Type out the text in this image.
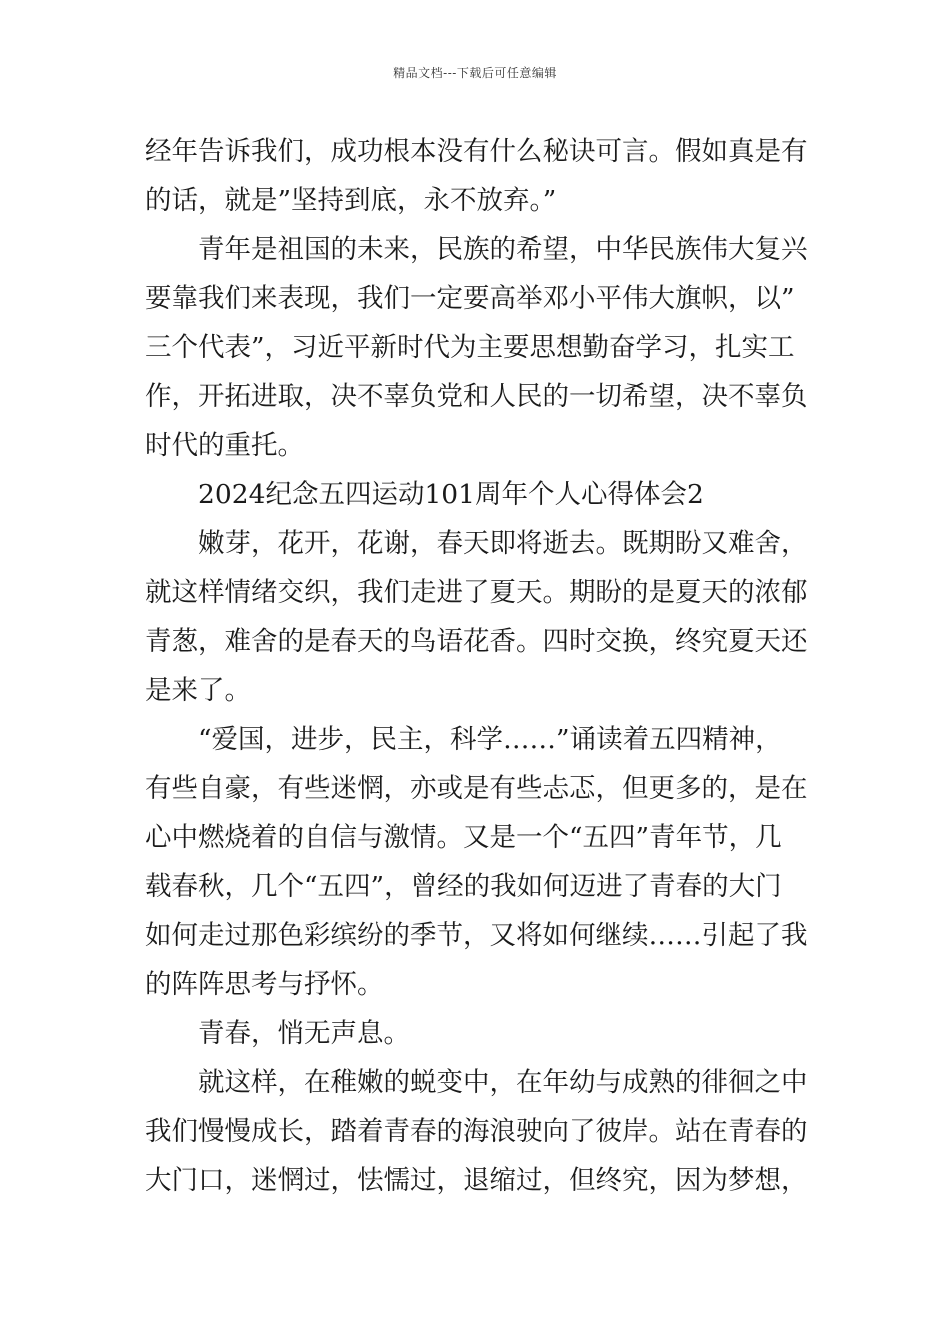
精品文档---下载后可任意编辑
经年告诉我们，成功根本没有什么秘诀可言。假如真是有
的话，就是”坚持到底，永不放弃。”
青年是祖国的未来，民族的希望，中华民族伟大复兴
要靠我们来表现，我们一定要高举邓小平伟大旗帜，以”
三个代表”，习近平新时代为主要思想勤奋学习，扎实工
作，开拓进取，决不辜负党和人民的一切希望，决不辜负
时代的重托。
2024纪念五四运动101周年个人心得体会2
嫩芽，花开，花谢，春天即将逝去。既期盼又难舍，
就这样情绪交织，我们走进了夏天。期盼的是夏天的浓郁
青葱，难舍的是春天的鸟语花香。四时交换，终究夏天还
是来了。
“爱国，进步，民主，科学……”诵读着五四精神，
有些自豪，有些迷惘，亦或是有些忐忑，但更多的，是在
心中燃烧着的自信与激情。又是一个“五四”青年节，几
载春秋，几个“五四”，曾经的我如何迈进了青春的大门
如何走过那色彩缤纷的季节，又将如何继续……引起了我
的阵阵思考与抒怀。
青春，悄无声息。
就这样，在稚嫩的蜕变中，在年幼与成熟的徘徊之中
我们慢慢成长，踏着青春的海浪驶向了彼岸。站在青春的
大门口，迷惘过，怯懦过，退缩过，但终究，因为梦想，
